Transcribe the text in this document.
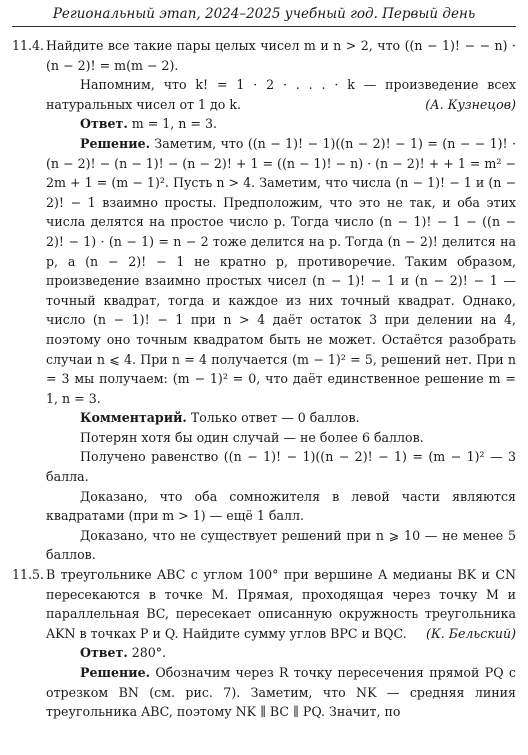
Региональный этап, 2024–2025 учебный год. Первый день
11.4. Найдите все такие пары целых чисел m и n > 2, что ((n − 1)! − − n) · (n − 2)! = m(m − 2).
Напомним, что k! = 1 · 2 · . . . · k — произведение всех натуральных чисел от 1 до k.	(А. Кузнецов)
Ответ. m = 1, n = 3.
Решение. Заметим, что ((n − 1)! − 1)((n − 2)! − 1) = (n − − 1)! · (n − 2)! − (n − 1)! − (n − 2)! + 1 = ((n − 1)! − n) · (n − 2)! + + 1 = m² − 2m + 1 = (m − 1)². Пусть n > 4. Заметим, что числа (n − 1)! − 1 и (n − 2)! − 1 взаимно просты. Предположим, что это не так, и оба этих числа делятся на простое число p. Тогда число (n − 1)! − 1 − ((n − 2)! − 1) · (n − 1) = n − 2 тоже делится на p. Тогда (n − 2)! делится на p, а (n − 2)! − 1 не кратно p, противоречие. Таким образом, произведение взаимно простых чисел (n − 1)! − 1 и (n − 2)! − 1 — точный квадрат, тогда и каждое из них точный квадрат. Однако, число (n − 1)! − 1 при n > 4 даёт остаток 3 при делении на 4, поэтому оно точным квадратом быть не может. Остаётся разобрать случаи n ⩽ 4. При n = 4 получается (m − 1)² = 5, решений нет. При n = 3 мы получаем: (m − 1)² = 0, что даёт единственное решение m = 1, n = 3.
Комментарий. Только ответ — 0 баллов.
Потерян хотя бы один случай — не более 6 баллов.
Получено равенство ((n − 1)! − 1)((n − 2)! − 1) = (m − 1)² — 3 балла.
Доказано, что оба сомножителя в левой части являются квадратами (при m > 1) — ещё 1 балл.
Доказано, что не существует решений при n ⩾ 10 — не менее 5 баллов.
11.5. В треугольнике ABC с углом 100° при вершине A медианы BK и CN пересекаются в точке M. Прямая, проходящая через точку M и параллельная BC, пересекает описанную окружность треугольника AKN в точках P и Q. Найдите сумму углов BPC и BQC. (К. Бельский)
Ответ. 280°.
Решение. Обозначим через R точку пересечения прямой PQ с отрезком BN (см. рис. 7). Заметим, что NK — средняя линия треугольника ABC, поэтому NK ∥ BC ∥ PQ. Значит, по
